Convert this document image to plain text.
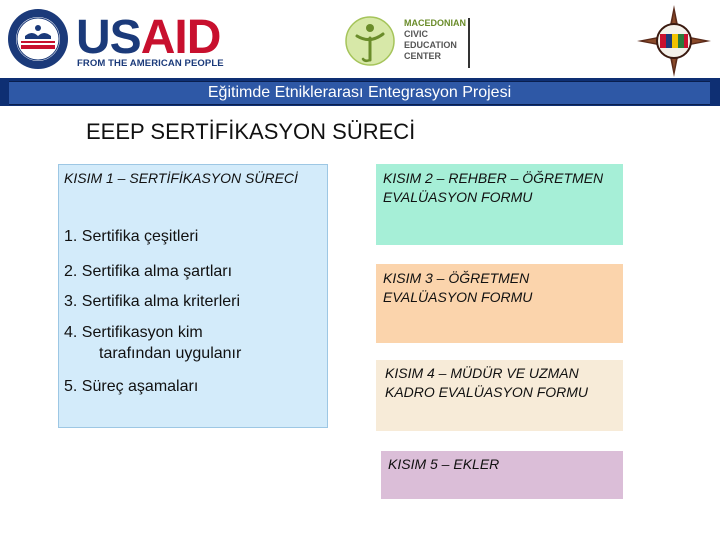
USAID
FROM THE AMERICAN PEOPLE
MACEDONIAN
CIVIC
EDUCATION
CENTER
Eğitimde Etniklerarası Entegrasyon Projesi
EEEP SERTİFİKASYON SÜRECİ
KISIM 1 – SERTİFİKASYON SÜRECİ
1. Sertifika çeşitleri
2. Sertifika alma şartları
3. Sertifika alma kriterleri
4. Sertifikasyon kim
tarafından uygulanır
5. Süreç aşamaları
KISIM 2 – REHBER – ÖĞRETMEN EVALÜASYON FORMU
KISIM 3 – ÖĞRETMEN EVALÜASYON FORMU
KISIM 4 – MÜDÜR VE UZMAN KADRO EVALÜASYON FORMU
KISIM 5 – EKLER
